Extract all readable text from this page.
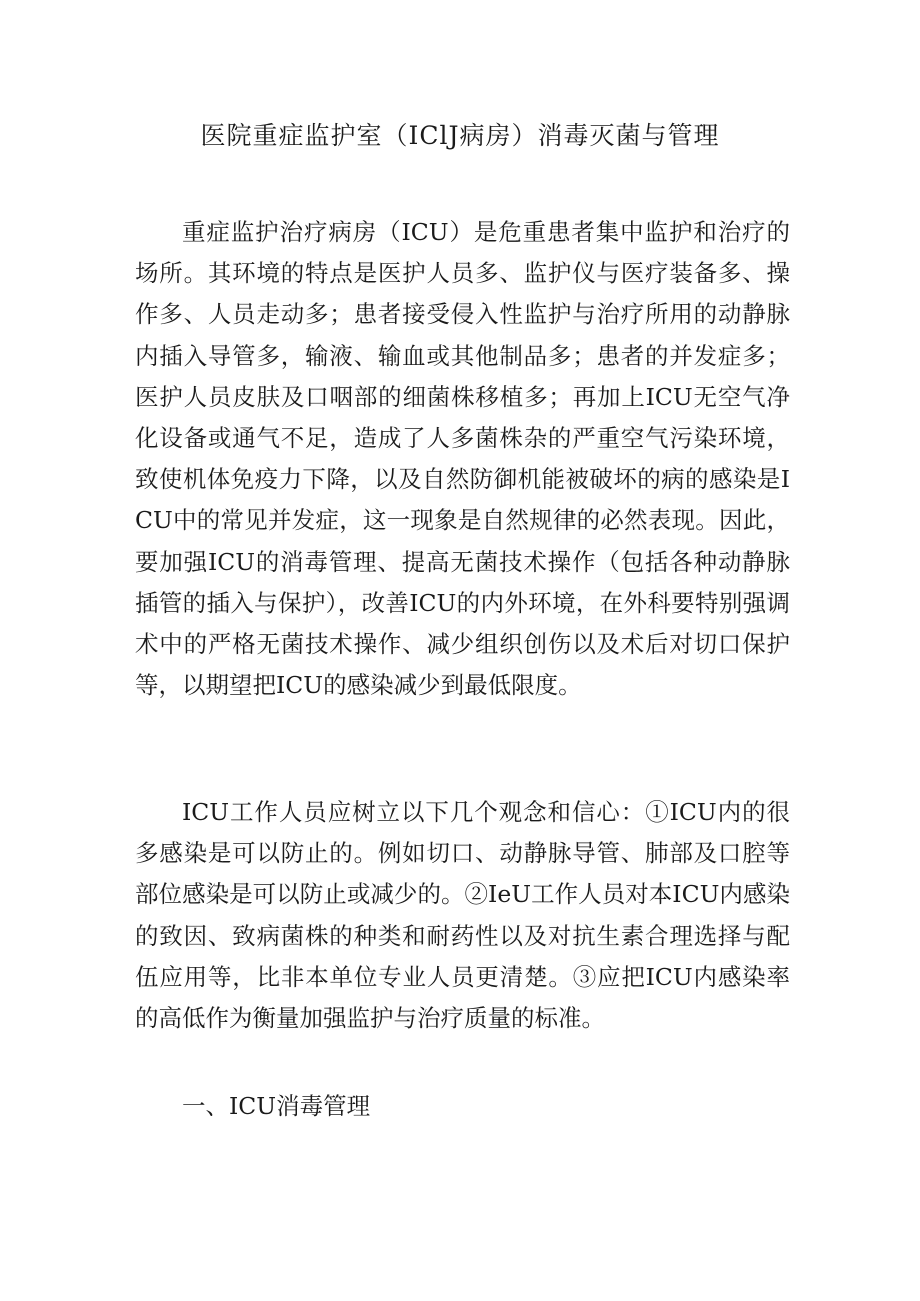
医院重症监护室（IClJ病房）消毒灭菌与管理

重症监护治疗病房（ICU）是危重患者集中监护和治疗的场所。其环境的特点是医护人员多、监护仪与医疗装备多、操作多、人员走动多；患者接受侵入性监护与治疗所用的动静脉内插入导管多，输液、输血或其他制品多；患者的并发症多；医护人员皮肤及口咽部的细菌株移植多；再加上ICU无空气净化设备或通气不足，造成了人多菌株杂的严重空气污染环境，致使机体免疫力下降，以及自然防御机能被破坏的病的感染是ICU中的常见并发症，这一现象是自然规律的必然表现。因此，要加强ICU的消毒管理、提高无菌技术操作（包括各种动静脉插管的插入与保护），改善ICU的内外环境，在外科要特别强调术中的严格无菌技术操作、减少组织创伤以及术后对切口保护等，以期望把ICU的感染减少到最低限度。

ICU工作人员应树立以下几个观念和信心：①ICU内的很多感染是可以防止的。例如切口、动静脉导管、肺部及口腔等部位感染是可以防止或减少的。②IeU工作人员对本ICU内感染的致因、致病菌株的种类和耐药性以及对抗生素合理选择与配伍应用等，比非本单位专业人员更清楚。③应把ICU内感染率的高低作为衡量加强监护与治疗质量的标准。

一、ICU消毒管理
